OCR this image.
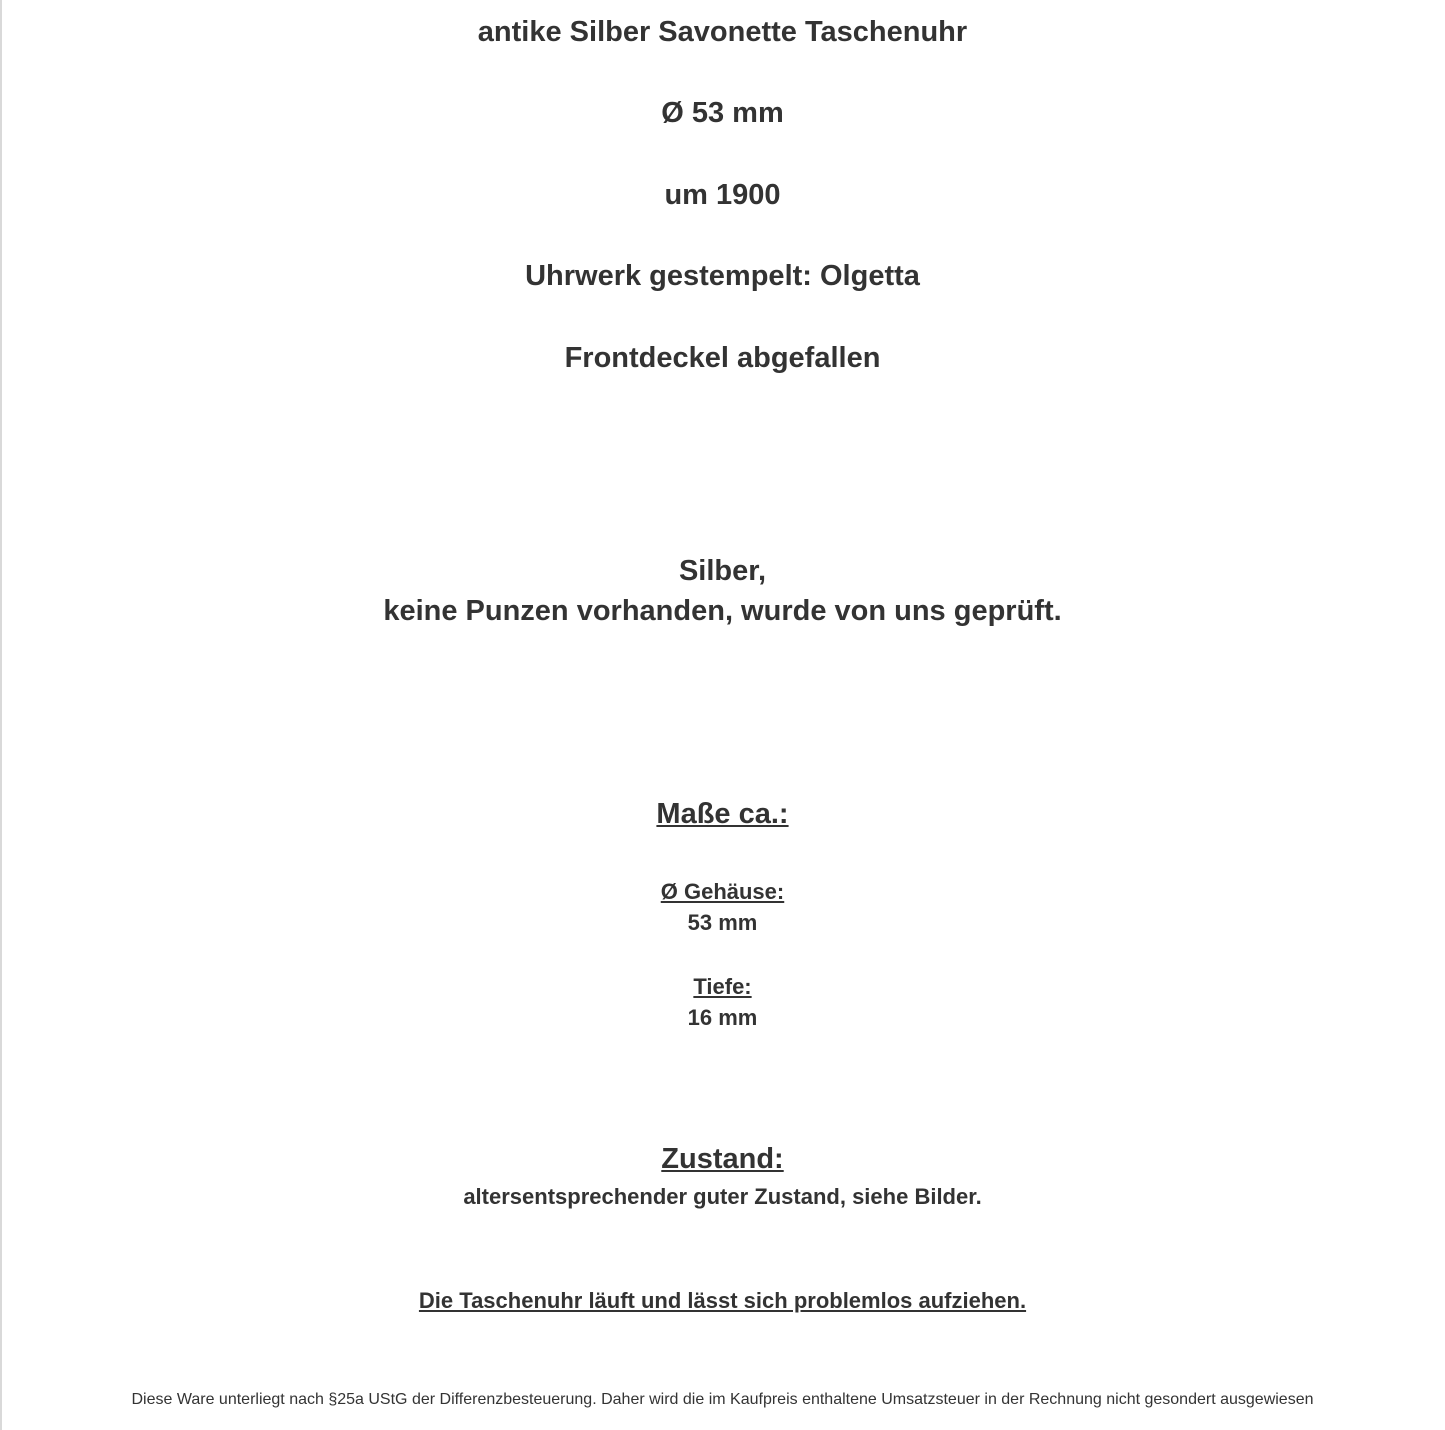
antike Silber Savonette Taschenuhr

Ø 53 mm

um 1900

Uhrwerk gestempelt: Olgetta

Frontdeckel abgefallen

Silber,

keine Punzen vorhanden, wurde von uns geprüft.

Maße ca.:

Ø Gehäuse:

53 mm

Tiefe:

16 mm

Zustand:

altersentsprechender guter Zustand, siehe Bilder.

Die Taschenuhr läuft und lässt sich problemlos aufziehen.

Diese Ware unterliegt nach §25a UStG der Differenzbesteuerung. Daher wird die im Kaufpreis enthaltene Umsatzsteuer in der Rechnung nicht gesondert ausgewiesen
